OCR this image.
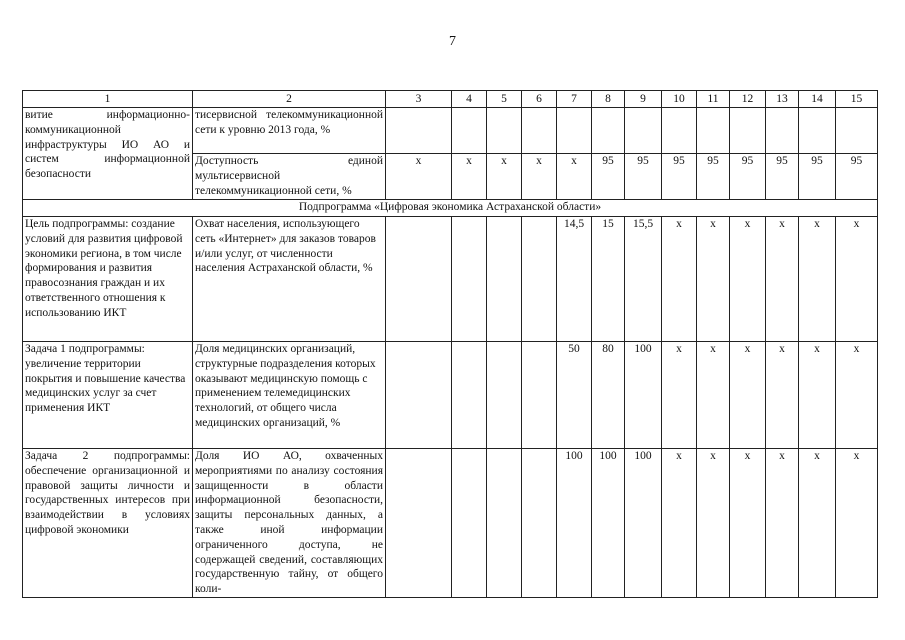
7
1	2	3	4	5	6	7	8	9	10	11	12	13	14	15
витие информационно-коммуникационной инфраструктуры ИО АО и систем информационной безопасности	тисервисной телекоммуникационной сети к уровню 2013 года, %													
	Доступность единой мультисервисной телекоммуникационной сети, %	x	x	x	x	x	95	95	95	95	95	95	95	95
Подпрограмма «Цифровая экономика Астраханской области»														
Цель подпрограммы: создание условий для развития цифровой экономики региона, в том числе формирования и развития правосознания граждан и их ответственного отношения к использованию ИКТ	Охват населения, использующего сеть «Интернет» для заказов товаров и/или услуг, от численности населения Астраханской области, %					14,5	15	15,5	x	x	x	x	x	x
Задача 1 подпрограммы: увеличение территории покрытия и повышение качества медицинских услуг за счет применения ИКТ	Доля медицинских организаций, структурные подразделения которых оказывают медицинскую помощь с применением телемедицинских технологий, от общего числа медицинских организаций, %					50	80	100	x	x	x	x	x	x
Задача 2 подпрограммы: обеспечение организационной и правовой защиты личности и государственных интересов при взаимодействии в условиях цифровой экономики	Доля ИО АО, охваченных мероприятиями по анализу состояния защищенности в области информационной безопасности, защиты персональных данных, а также иной информации ограниченного доступа, не содержащей сведений, составляющих государственную тайну, от общего коли-					100	100	100	x	x	x	x	x	x
